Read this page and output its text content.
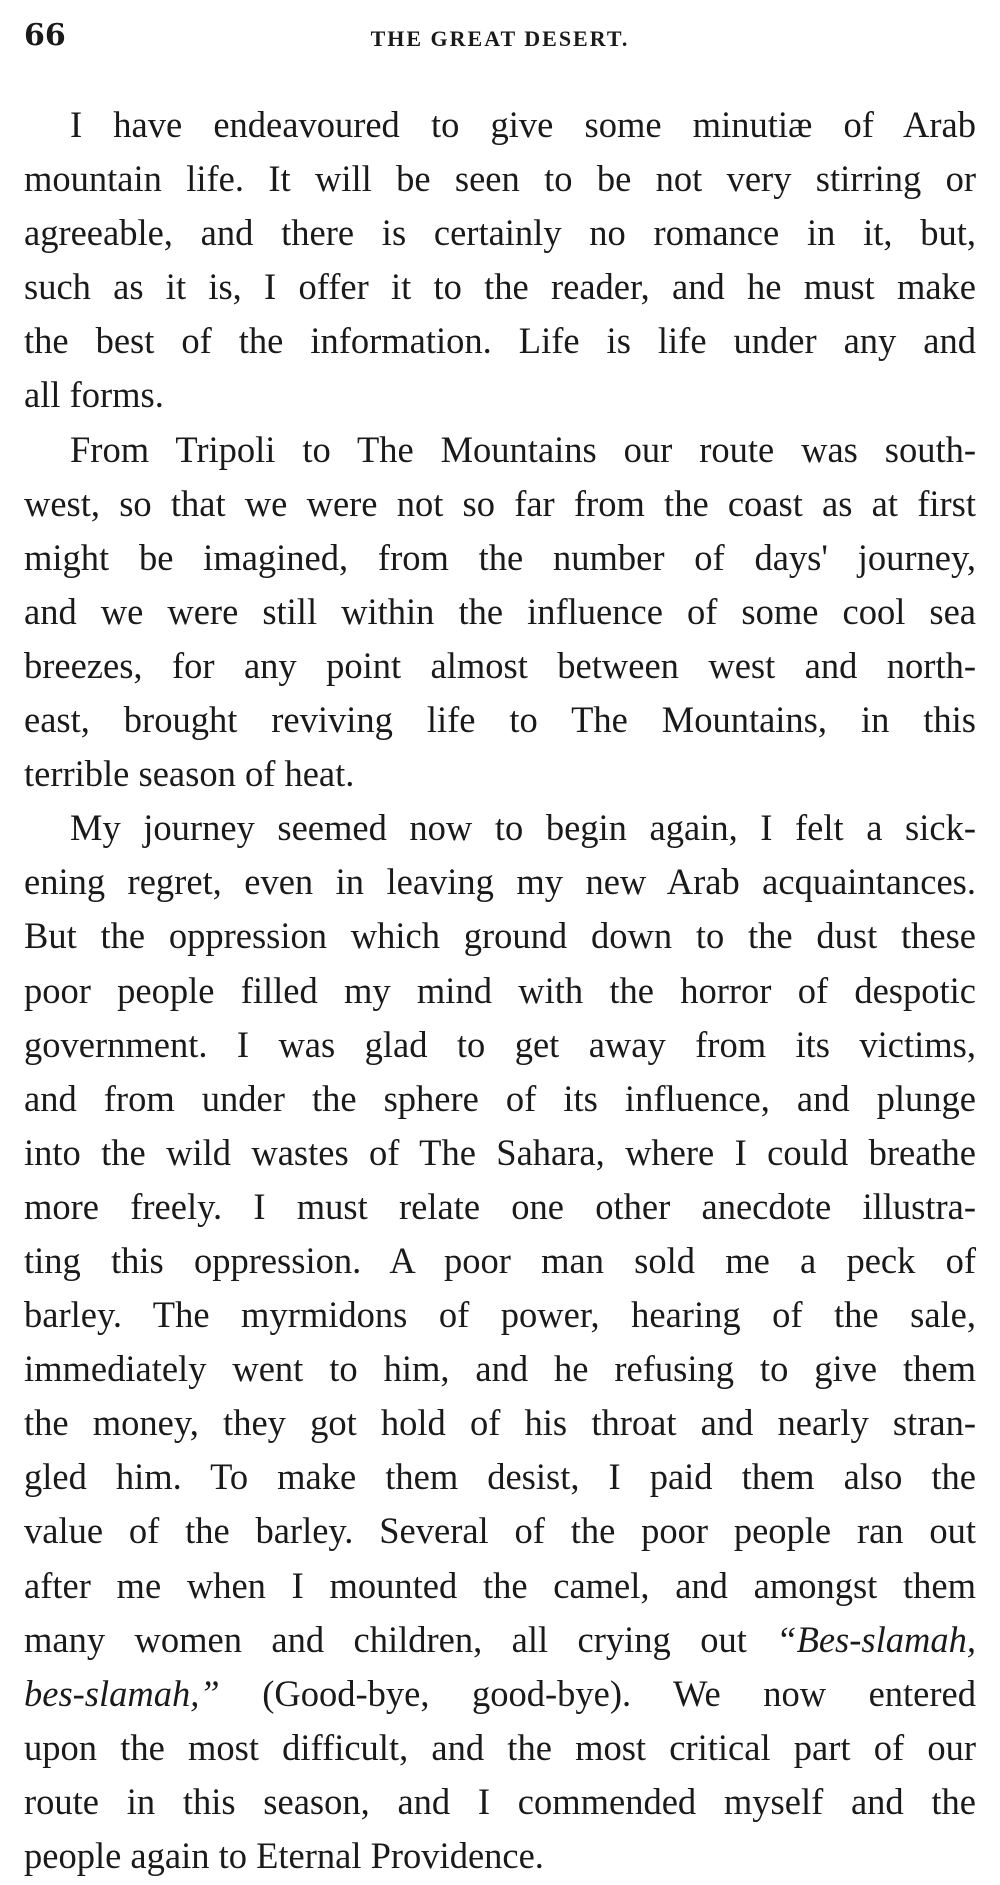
66	THE GREAT DESERT.
I have endeavoured to give some minutiæ of Arab
mountain life. It will be seen to be not very stirring or
agreeable, and there is certainly no romance in it, but,
such as it is, I offer it to the reader, and he must make
the best of the information. Life is life under any and
all forms.
From Tripoli to The Mountains our route was south-
west, so that we were not so far from the coast as at first
might be imagined, from the number of days' journey,
and we were still within the influence of some cool sea
breezes, for any point almost between west and north-
east, brought reviving life to The Mountains, in this
terrible season of heat.
My journey seemed now to begin again, I felt a sick-
ening regret, even in leaving my new Arab acquaintances.
But the oppression which ground down to the dust these
poor people filled my mind with the horror of despotic
government. I was glad to get away from its victims,
and from under the sphere of its influence, and plunge
into the wild wastes of The Sahara, where I could breathe
more freely. I must relate one other anecdote illustra-
ting this oppression. A poor man sold me a peck of
barley. The myrmidons of power, hearing of the sale,
immediately went to him, and he refusing to give them
the money, they got hold of his throat and nearly stran-
gled him. To make them desist, I paid them also the
value of the barley. Several of the poor people ran out
after me when I mounted the camel, and amongst them
many women and children, all crying out “Bes-slamah,
bes-slamah,” (Good-bye, good-bye). We now entered
upon the most difficult, and the most critical part of our
route in this season, and I commended myself and the
people again to Eternal Providence.
